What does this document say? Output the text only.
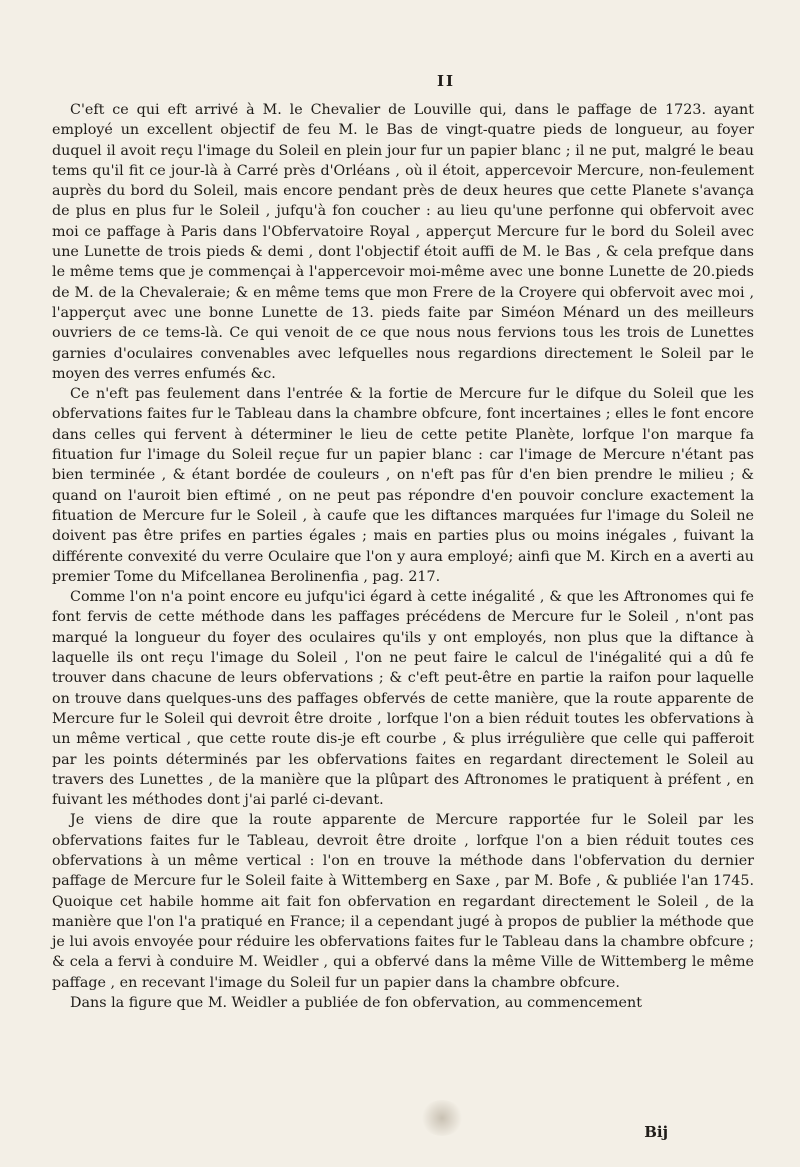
II

C'eft ce qui eft arrivé à M. le Chevalier de Louville qui, dans le paffage de 1723. ayant employé un excellent objectif de feu M. le Bas de vingt-quatre pieds de longueur, au foyer duquel il avoit reçu l'image du Soleil en plein jour fur un papier blanc ; il ne put, malgré le beau tems qu'il fit ce jour-là à Carré près d'Orléans , où il étoit, appercevoir Mercure, non-feulement auprès du bord du Soleil, mais encore pendant près de deux heures que cette Planete s'avança de plus en plus fur le Soleil , jufqu'à fon coucher : au lieu qu'une perfonne qui obfervoit avec moi ce paffage à Paris dans l'Obfervatoire Royal , apperçut Mercure fur le bord du Soleil avec une Lunette de trois pieds & demi , dont l'objectif étoit auffi de M. le Bas , & cela prefque dans le même tems que je commençai à l'appercevoir moi-même avec une bonne Lunette de 20.pieds de M. de la Chevaleraie; & en même tems que mon Frere de la Croyere qui obfervoit avec moi , l'apperçut avec une bonne Lunette de 13. pieds faite par Siméon Ménard un des meilleurs ouvriers de ce tems-là. Ce qui venoit de ce que nous nous fervions tous les trois de Lunettes garnies d'oculaires convenables avec lefquelles nous regardions directement le Soleil par le moyen des verres enfumés &c.

Ce n'eft pas feulement dans l'entrée & la fortie de Mercure fur le difque du Soleil que les obfervations faites fur le Tableau dans la chambre obfcure, font incertaines ; elles le font encore dans celles qui fervent à déterminer le lieu de cette petite Planète, lorfque l'on marque fa fituation fur l'image du Soleil reçue fur un papier blanc : car l'image de Mercure n'étant pas bien terminée , & étant bordée de couleurs , on n'eft pas fûr d'en bien prendre le milieu ; & quand on l'auroit bien eftimé , on ne peut pas répondre d'en pouvoir conclure exactement la fituation de Mercure fur le Soleil , à caufe que les diftances marquées fur l'image du Soleil ne doivent pas être prifes en parties égales ; mais en parties plus ou moins inégales , fuivant la différente convexité du verre Oculaire que l'on y aura employé; ainfi que M. Kirch en a averti au premier Tome du Mifcellanea Berolinenfia , pag. 217.

Comme l'on n'a point encore eu jufqu'ici égard à cette inégalité , & que les Aftronomes qui fe font fervis de cette méthode dans les paffages précédens de Mercure fur le Soleil , n'ont pas marqué la longueur du foyer des oculaires qu'ils y ont employés, non plus que la diftance à laquelle ils ont reçu l'image du Soleil , l'on ne peut faire le calcul de l'inégalité qui a dû fe trouver dans chacune de leurs obfervations ; & c'eft peut-être en partie la raifon pour laquelle on trouve dans quelques-uns des paffages obfervés de cette manière, que la route apparente de Mercure fur le Soleil qui devroit être droite , lorfque l'on a bien réduit toutes les obfervations à un même vertical , que cette route dis-je eft courbe , & plus irrégulière que celle qui pafferoit par les points déterminés par les obfervations faites en regardant directement le Soleil au travers des Lunettes , de la manière que la plûpart des Aftronomes le pratiquent à préfent , en fuivant les méthodes dont j'ai parlé ci-devant.

Je viens de dire que la route apparente de Mercure rapportée fur le Soleil par les obfervations faites fur le Tableau, devroit être droite , lorfque l'on a bien réduit toutes ces obfervations à un même vertical : l'on en trouve la méthode dans l'obfervation du dernier paffage de Mercure fur le Soleil faite à Wittemberg en Saxe , par M. Bofe , & publiée l'an 1745. Quoique cet habile homme ait fait fon obfervation en regardant directement le Soleil , de la manière que l'on l'a pratiqué en France; il a cependant jugé à propos de publier la méthode que je lui avois envoyée pour réduire les obfervations faites fur le Tableau dans la chambre obfcure ; & cela a fervi à conduire M. Weidler , qui a obfervé dans la même Ville de Wittemberg le même paffage , en recevant l'image du Soleil fur un papier dans la chambre obfcure.

Dans la figure que M. Weidler a publiée de fon obfervation, au commencement

Bij
